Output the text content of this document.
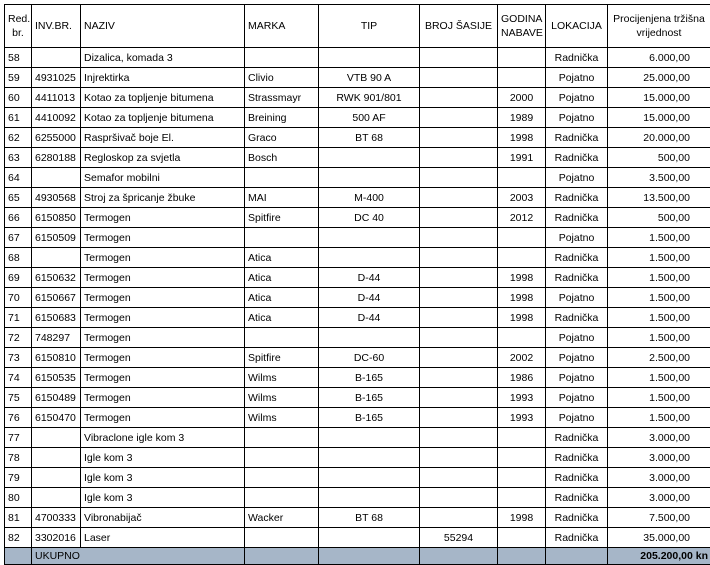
Red. br.	INV.BR.	NAZIV	MARKA	TIP	BROJ ŠASIJE	GODINA NABAVE	LOKACIJA	Procijenjena tržišna vrijednost
58		Dizalica, komada 3					Radnička	6.000,00
59	4931025	Injrektirka	Clivio	VTB 90 A			Pojatno	25.000,00
60	4411013	Kotao za topljenje bitumena	Strassmayr	RWK 901/801		2000	Pojatno	15.000,00
61	4410092	Kotao za topljenje bitumena	Breining	500 AF		1989	Pojatno	15.000,00
62	6255000	Raspršivač boje El.	Graco	BT 68		1998	Radnička	20.000,00
63	6280188	Regloskop za svjetla	Bosch			1991	Radnička	500,00
64		Semafor mobilni					Pojatno	3.500,00
65	4930568	Stroj za špricanje žbuke	MAI	M-400		2003	Radnička	13.500,00
66	6150850	Termogen	Spitfire	DC 40		2012	Radnička	500,00
67	6150509	Termogen					Pojatno	1.500,00
68		Termogen	Atica				Radnička	1.500,00
69	6150632	Termogen	Atica	D-44		1998	Radnička	1.500,00
70	6150667	Termogen	Atica	D-44		1998	Pojatno	1.500,00
71	6150683	Termogen	Atica	D-44		1998	Radnička	1.500,00
72	748297	Termogen					Pojatno	1.500,00
73	6150810	Termogen	Spitfire	DC-60		2002	Pojatno	2.500,00
74	6150535	Termogen	Wilms	B-165		1986	Pojatno	1.500,00
75	6150489	Termogen	Wilms	B-165		1993	Pojatno	1.500,00
76	6150470	Termogen	Wilms	B-165		1993	Pojatno	1.500,00
77		Vibraclone igle kom 3					Radnička	3.000,00
78		Igle kom 3					Radnička	3.000,00
79		Igle kom 3					Radnička	3.000,00
80		Igle kom 3					Radnička	3.000,00
81	4700333	Vibronabijač	Wacker	BT 68		1998	Radnička	7.500,00
82	3302016	Laser			55294		Radnička	35.000,00
	UKUPNO							205.200,00 kn
